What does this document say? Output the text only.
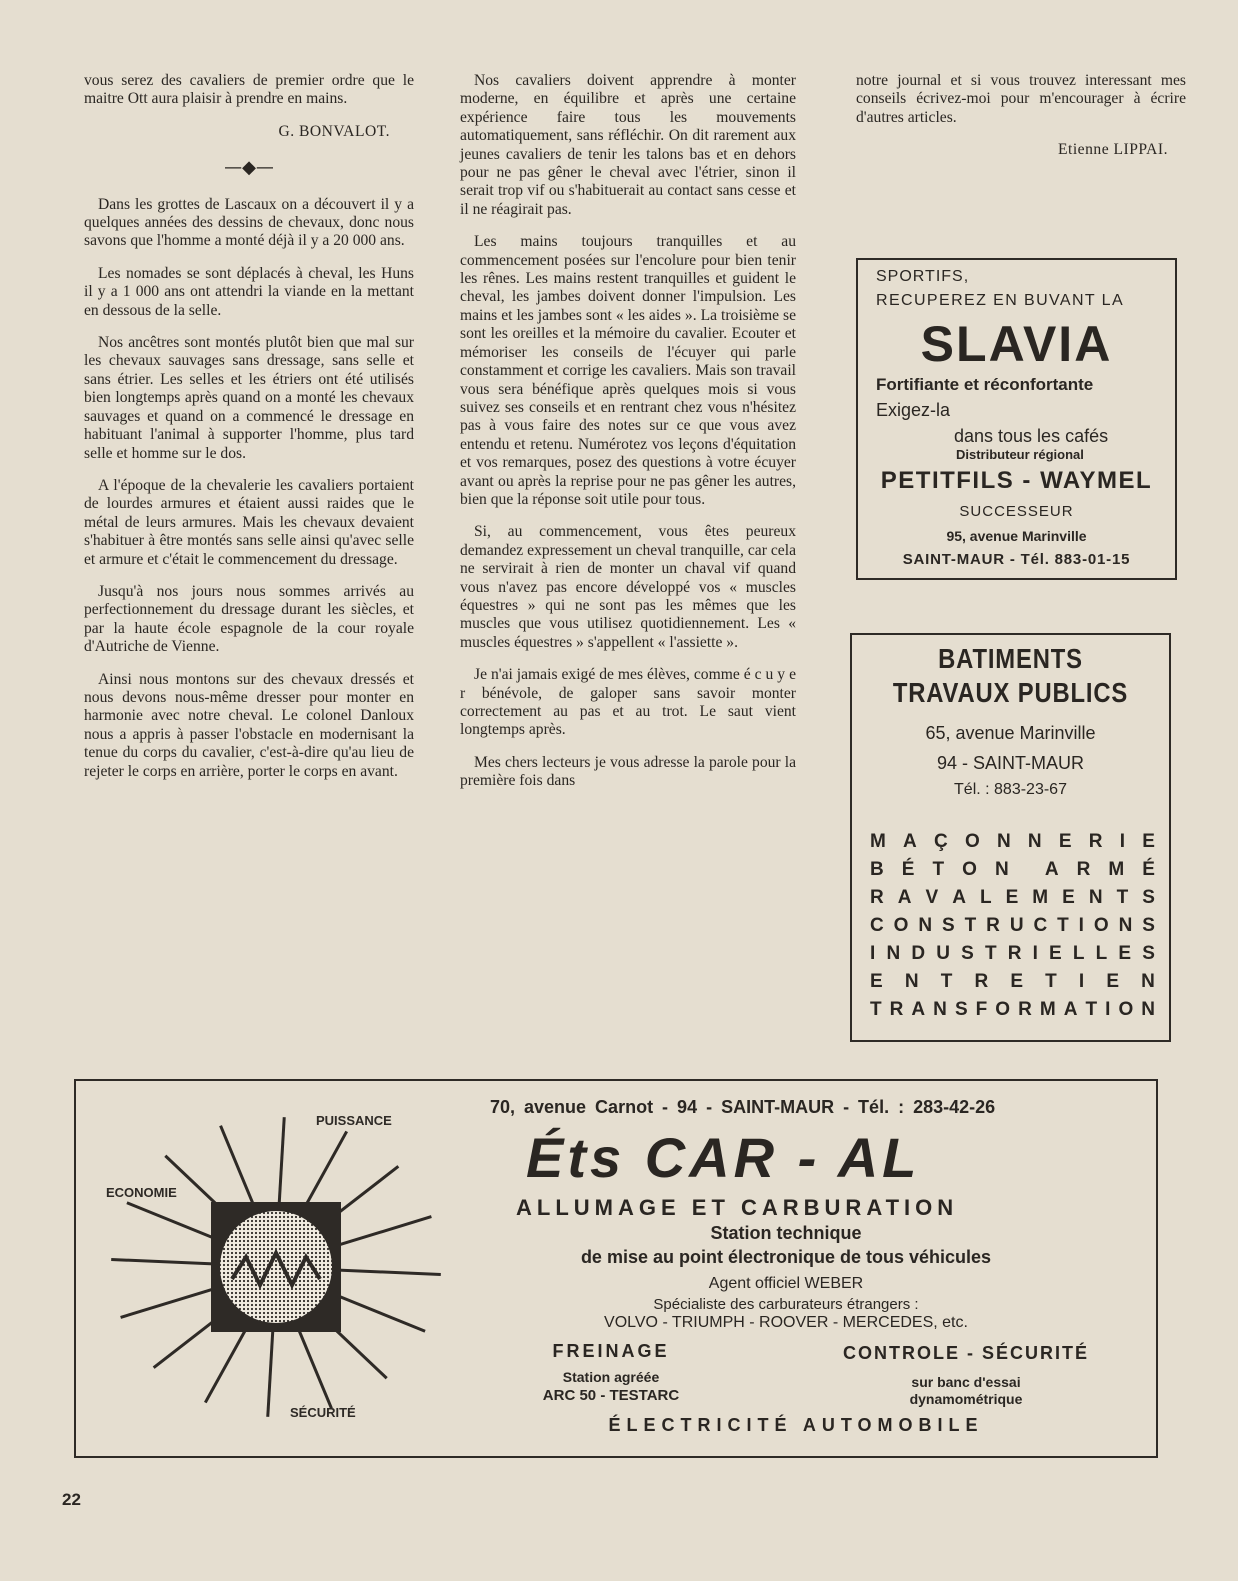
vous serez des cavaliers de premier ordre que le maitre Ott aura plaisir à prendre en mains.

G. BONVALOT.
—◆—

Dans les grottes de Lascaux on a découvert il y a quelques années des dessins de chevaux, donc nous savons que l'homme a monté déjà il y a 20 000 ans.

Les nomades se sont déplacés à cheval, les Huns il y a 1 000 ans ont attendri la viande en la mettant en dessous de la selle.

Nos ancêtres sont montés plutôt bien que mal sur les chevaux sauvages sans dressage, sans selle et sans étrier. Les selles et les étriers ont été utilisés bien longtemps après quand on a monté les chevaux sauvages et quand on a commencé le dressage en habituant l'animal à supporter l'homme, plus tard selle et homme sur le dos.

A l'époque de la chevalerie les cavaliers portaient de lourdes armures et étaient aussi raides que le métal de leurs armures. Mais les chevaux devaient s'habituer à être montés sans selle ainsi qu'avec selle et armure et c'était le commencement du dressage.

Jusqu'à nos jours nous sommes arrivés au perfectionnement du dressage durant les siècles, et par la haute école espagnole de la cour royale d'Autriche de Vienne.

Ainsi nous montons sur des chevaux dressés et nous devons nous-même dresser pour monter en harmonie avec notre cheval. Le colonel Danloux nous a appris à passer l'obstacle en modernisant la tenue du corps du cavalier, c'est-à-dire qu'au lieu de rejeter le corps en arrière, porter le corps en avant.

Nos cavaliers doivent apprendre à monter moderne, en équilibre et après une certaine expérience faire tous les mouvements automatiquement, sans réfléchir. On dit rarement aux jeunes cavaliers de tenir les talons bas et en dehors pour ne pas gêner le cheval avec l'étrier, sinon il serait trop vif ou s'habituerait au contact sans cesse et il ne réagirait pas.

Les mains toujours tranquilles et au commencement posées sur l'encolure pour bien tenir les rênes. Les mains restent tranquilles et guident le cheval, les jambes doivent donner l'impulsion. Les mains et les jambes sont « les aides ». La troisième se sont les oreilles et la mémoire du cavalier. Ecouter et mémoriser les conseils de l'écuyer qui parle constamment et corrige les cavaliers. Mais son travail vous sera bénéfique après quelques mois si vous suivez ses conseils et en rentrant chez vous n'hésitez pas à vous faire des notes sur ce que vous avez entendu et retenu. Numérotez vos leçons d'équitation et vos remarques, posez des questions à votre écuyer avant ou après la reprise pour ne pas gêner les autres, bien que la réponse soit utile pour tous.

Si, au commencement, vous êtes peureux demandez expressement un cheval tranquille, car cela ne servirait à rien de monter un chaval vif quand vous n'avez pas encore développé vos « muscles équestres » qui ne sont pas les mêmes que les muscles que vous utilisez quotidiennement. Les « muscles équestres » s'appellent « l'assiette ».

Je n'ai jamais exigé de mes élèves, comme é c u y e r bénévole, de galoper sans savoir monter correctement au pas et au trot. Le saut vient longtemps après.

Mes chers lecteurs je vous adresse la parole pour la première fois dans

notre journal et si vous trouvez interessant mes conseils écrivez-moi pour m'encourager à écrire d'autres articles.

Etienne LIPPAI.
SPORTIFS,
RECUPEREZ EN BUVANT LA
SLAVIA
Fortifiante et réconfortante
Exigez-la
dans tous les cafés
Distributeur régional
PETITFILS - WAYMEL
SUCCESSEUR
95, avenue Marinville
SAINT-MAUR - Tél. 883-01-15
BATIMENTS
TRAVAUX PUBLICS
65, avenue Marinville
94 - SAINT-MAUR
Tél. : 883-23-67
M A Ç O N N E R I E
B É T O N A R M É
R A V A L E M E N T S
C O N S T R U C T I O N S
I N D U S T R I E L L E S
E N T R E T I E N
T R A N S F O R M A T I O N
PUISSANCE
ECONOMIE
SÉCURITÉ
70, avenue Carnot - 94 - SAINT-MAUR - Tél. : 283-42-26
Éts CAR - AL
ALLUMAGE ET CARBURATION
Station technique
de mise au point électronique de tous véhicules
Agent officiel WEBER
Spécialiste des carburateurs étrangers :
VOLVO - TRIUMPH - ROOVER - MERCEDES, etc.
FREINAGE
Station agréée
ARC 50 - TESTARC
CONTROLE - SÉCURITÉ
sur banc d'essai
dynamométrique
ÉLECTRICITÉ AUTOMOBILE
22
